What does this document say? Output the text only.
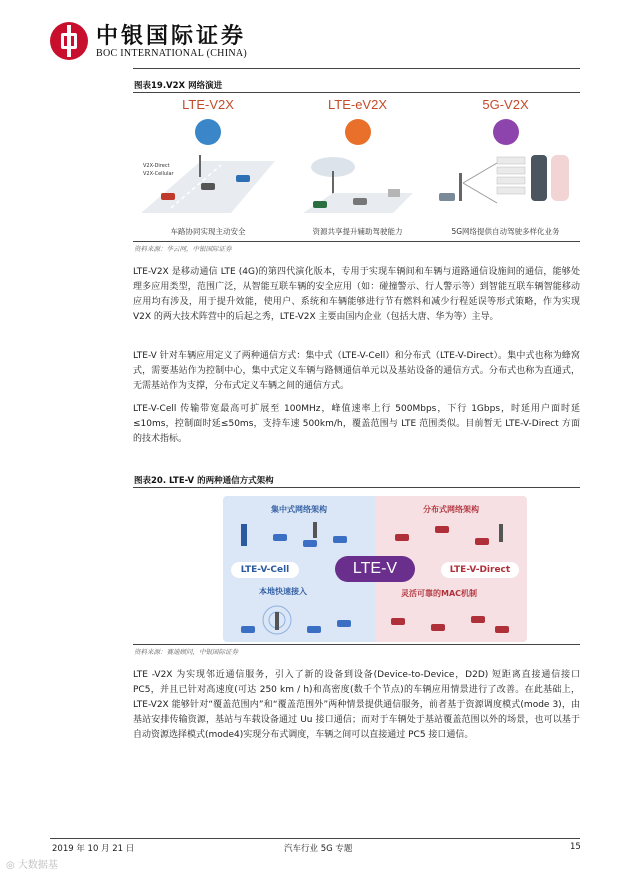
中银国际证券
BOC INTERNATIONAL (CHINA)
图表19.V2X 网络演进
LTE-V2X
V2X-Direct
V2X-Cellular
车路协同实现主动安全
LTE-eV2X
资源共享提升辅助驾驶能力
5G-V2X
5G网络提供自动驾驶多样化业务
资料来源：华云网，中银国际证券

LTE-V2X 是移动通信 LTE (4G)的第四代演化版本，专用于实现车辆间和车辆与道路通信设施间的通信，能够处理多应用类型，范围广泛，从智能互联车辆的安全应用（如：碰撞警示、行人警示等）到智能互联车辆智能移动应用均有涉及，用于提升效能，使用户、系统和车辆能够进行节有燃料和减少行程延误等形式策略，作为实现 V2X 的两大技术阵营中的后起之秀，LTE-V2X 主要由国内企业（包括大唐、华为等）主导。

LTE-V 针对车辆应用定义了两种通信方式：集中式（LTE-V-Cell）和分布式（LTE-V-Direct）。集中式也称为蜂窝式，需要基站作为控制中心，集中式定义车辆与路侧通信单元以及基站设备的通信方式。分布式也称为直通式，无需基站作为支撑，分布式定义车辆之间的通信方式。

LTE-V-Cell 传输带宽最高可扩展至 100MHz，峰值速率上行 500Mbps，下行 1Gbps，时延用户面时延≤10ms，控制面时延≤50ms，支持车速 500km/h，覆盖范围与 LTE 范围类似。目前暂无 LTE-V-Direct 方面的技术指标。

图表20. LTE-V 的两种通信方式架构
集中式网络架构
LTE-V-Cell
本地快速接入
分布式网络架构
LTE-V-Direct
灵活可靠的MAC机制
LTE-V
资料来源：赛迪顾问，中银国际证券

LTE -V2X 为实现邻近通信服务，引入了新的设备到设备(Device-to-Device，D2D) 短距离直接通信接口 PC5，并且已针对高速度(可达 250 km / h)和高密度(数千个节点)的车辆应用情景进行了改善。在此基础上，LTE-V2X 能够针对“覆盖范围内”和“覆盖范围外”两种情景提供通信服务，前者基于资源调度模式(mode 3)，由基站安排传输资源，基站与车载设备通过 Uu 接口通信；而对于车辆处于基站覆盖范围以外的场景，也可以基于自动资源选择模式(mode4)实现分布式调度，车辆之间可以直接通过 PC5 接口通信。

2019 年 10 月 21 日	汽车行业 5G 专题	15
◎ 大数据基
